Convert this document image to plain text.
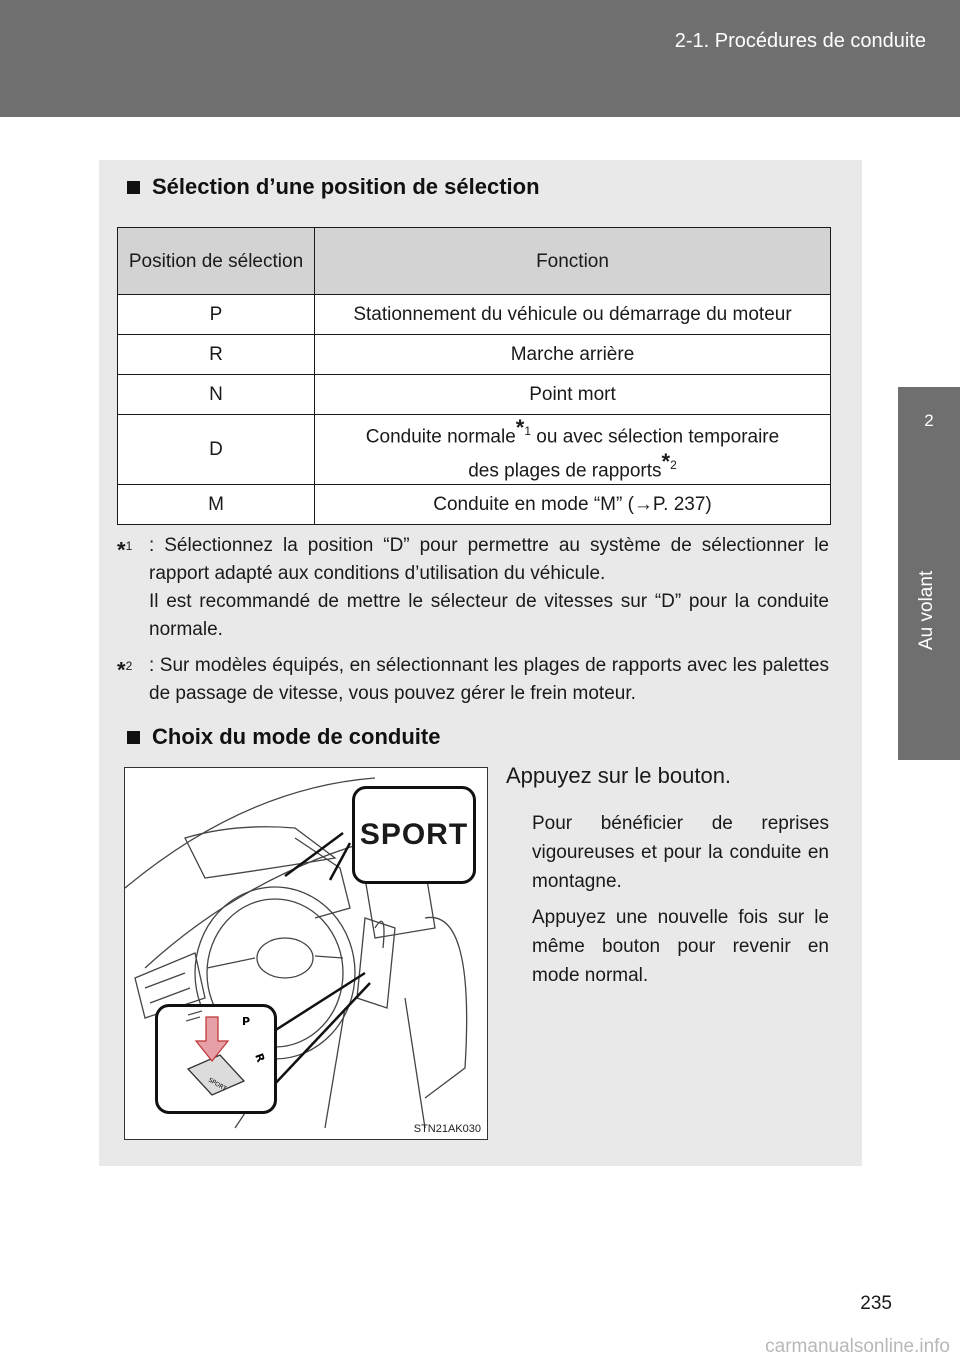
2-1. Procédures de conduite
2
Au volant
Sélection d’une position de sélection
Position de sélection	Fonction
P	Stationnement du véhicule ou démarrage du moteur
R	Marche arrière
N	Point mort
D	Conduite normale$^{*1}$ ou avec sélection temporaire
des plages de rapports$^{*2}$
M	Conduite en mode “M” (→P. 237)
*$^1$ : Sélectionnez la position “D” pour permettre au système de sélectionner le rapport adapté aux conditions d’utilisation du véhicule.
Il est recommandé de mettre le sélecteur de vitesses sur “D” pour la conduite normale.
*$^2$ : Sur modèles équipés, en sélectionnant les plages de rapports avec les palettes de passage de vitesse, vous pouvez gérer le frein moteur.
Choix du mode de conduite
SPORT
P
R
SPORT
STN21AK030
Appuyez sur le bouton.
Pour bénéficier de reprises vigoureuses et pour la conduite en montagne.
Appuyez une nouvelle fois sur le même bouton pour revenir en mode normal.
235
carmanualsonline.info
